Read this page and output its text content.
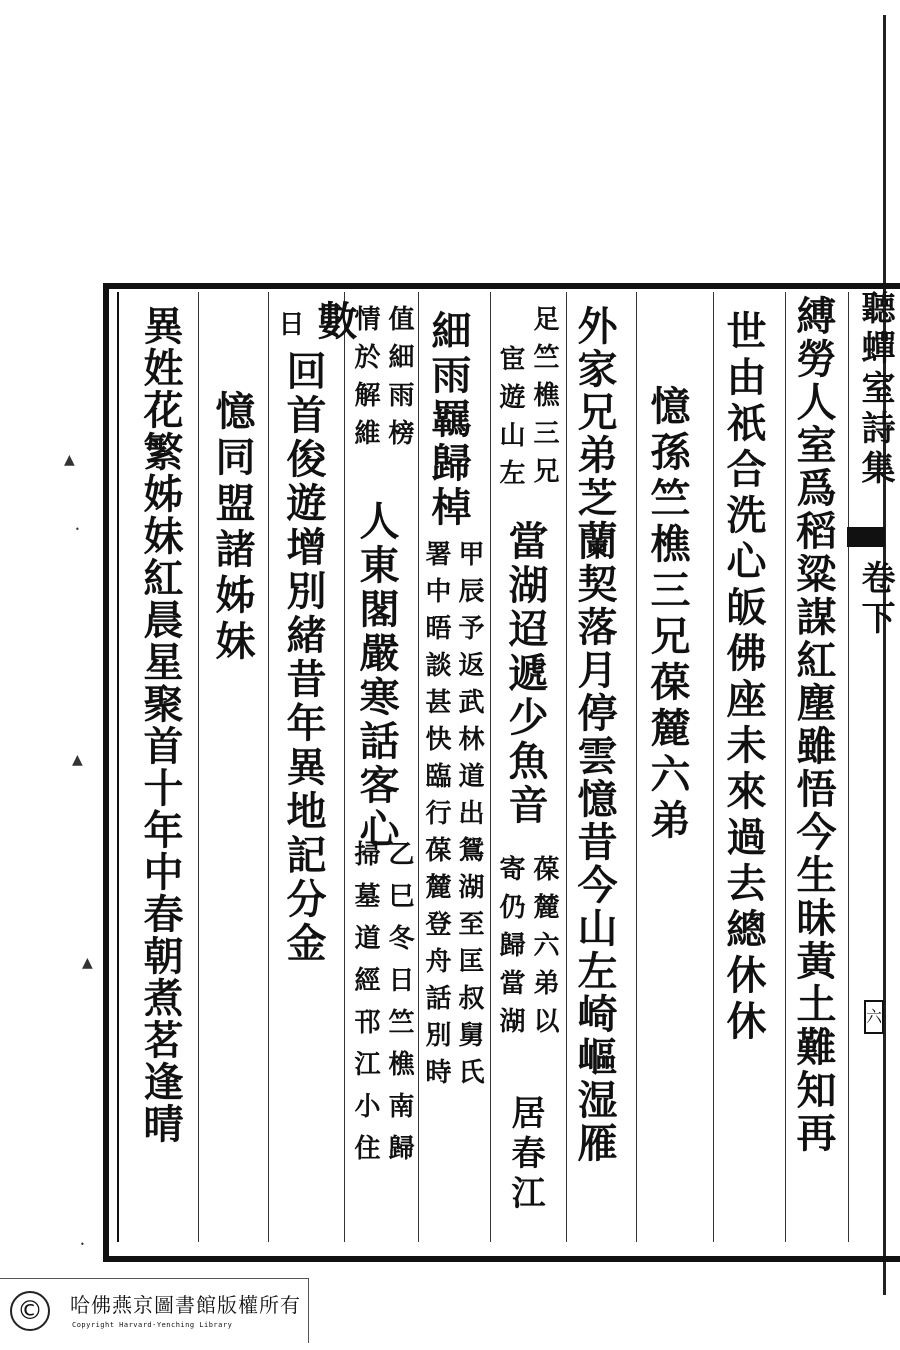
聽蟬室詩集
卷下
六
縛勞人室爲稻粱謀紅塵雖悟今生昧黃土難知再
世由祇合洗心皈佛座未來過去總休休
憶孫竺樵三兄葆麓六弟
外家兄弟芝蘭契落月停雲憶昔今山左崎嶇湿雁
足竺樵三兄
宦遊山左
當湖迢遞少魚音
葆麓六弟以
寄仍歸當湖
居春江
細雨羈歸棹
甲辰予返武林道出鴛湖至匡叔舅氏
署中晤談甚快臨行葆麓登舟話別時
值細雨榜
情於解維
人東閣嚴寒話客心
乙巳冬日竺樵南歸
掃墓道經邗江小住
數
日
回首俊遊增別緒昔年異地記分金
憶同盟諸姊妹
異姓花繁姊妹紅晨星聚首十年中春朝煮茗逢晴
▲
▲
▲
•
•
©	哈佛燕京圖書館版權所有
Copyright Harvard-Yenching Library
